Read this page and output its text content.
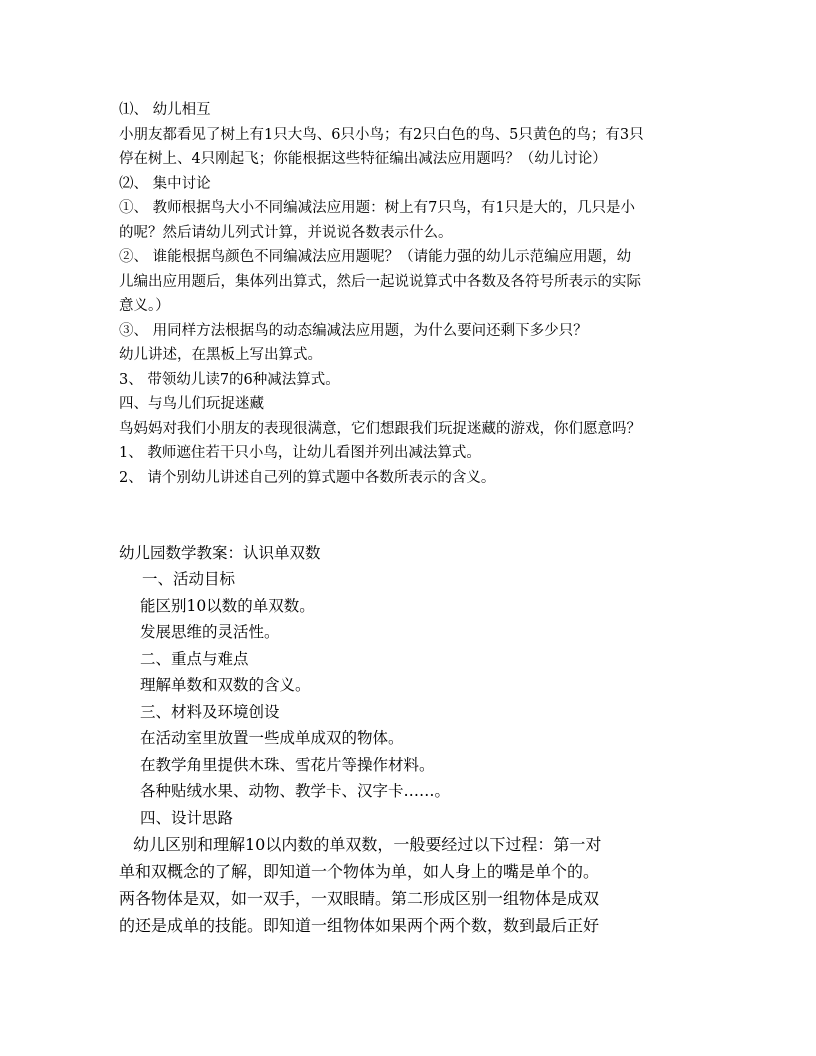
⑴、 幼儿相互
小朋友都看见了树上有1只大鸟、6只小鸟；有2只白色的鸟、5只黄色的鸟；有3只
停在树上、4只刚起飞；你能根据这些特征编出减法应用题吗？（幼儿讨论）
⑵、 集中讨论
①、 教师根据鸟大小不同编减法应用题：树上有7只鸟，有1只是大的，几只是小
的呢？然后请幼儿列式计算，并说说各数表示什么。
②、 谁能根据鸟颜色不同编减法应用题呢？（请能力强的幼儿示范编应用题，幼
儿编出应用题后，集体列出算式，然后一起说说算式中各数及各符号所表示的实际
意义。）
③、 用同样方法根据鸟的动态编减法应用题，为什么要问还剩下多少只？
幼儿讲述，在黑板上写出算式。
3、 带领幼儿读7的6种减法算式。
四、与鸟儿们玩捉迷藏
鸟妈妈对我们小朋友的表现很满意，它们想跟我们玩捉迷藏的游戏，你们愿意吗？
1、 教师遮住若干只小鸟，让幼儿看图并列出减法算式。
2、 请个别幼儿讲述自己列的算式题中各数所表示的含义。
幼儿园数学教案：认识单双数
一、活动目标
能区别10以数的单双数。
发展思维的灵活性。
二、重点与难点
理解单数和双数的含义。
三、材料及环境创设
在活动室里放置一些成单成双的物体。
在教学角里提供木珠、雪花片等操作材料。
各种贴绒水果、动物、教学卡、汉字卡……。
四、设计思路
幼儿区别和理解10以内数的单双数，一般要经过以下过程：第一对
单和双概念的了解，即知道一个物体为单，如人身上的嘴是单个的。
两各物体是双，如一双手，一双眼睛。第二形成区别一组物体是成双
的还是成单的技能。即知道一组物体如果两个两个数，数到最后正好
